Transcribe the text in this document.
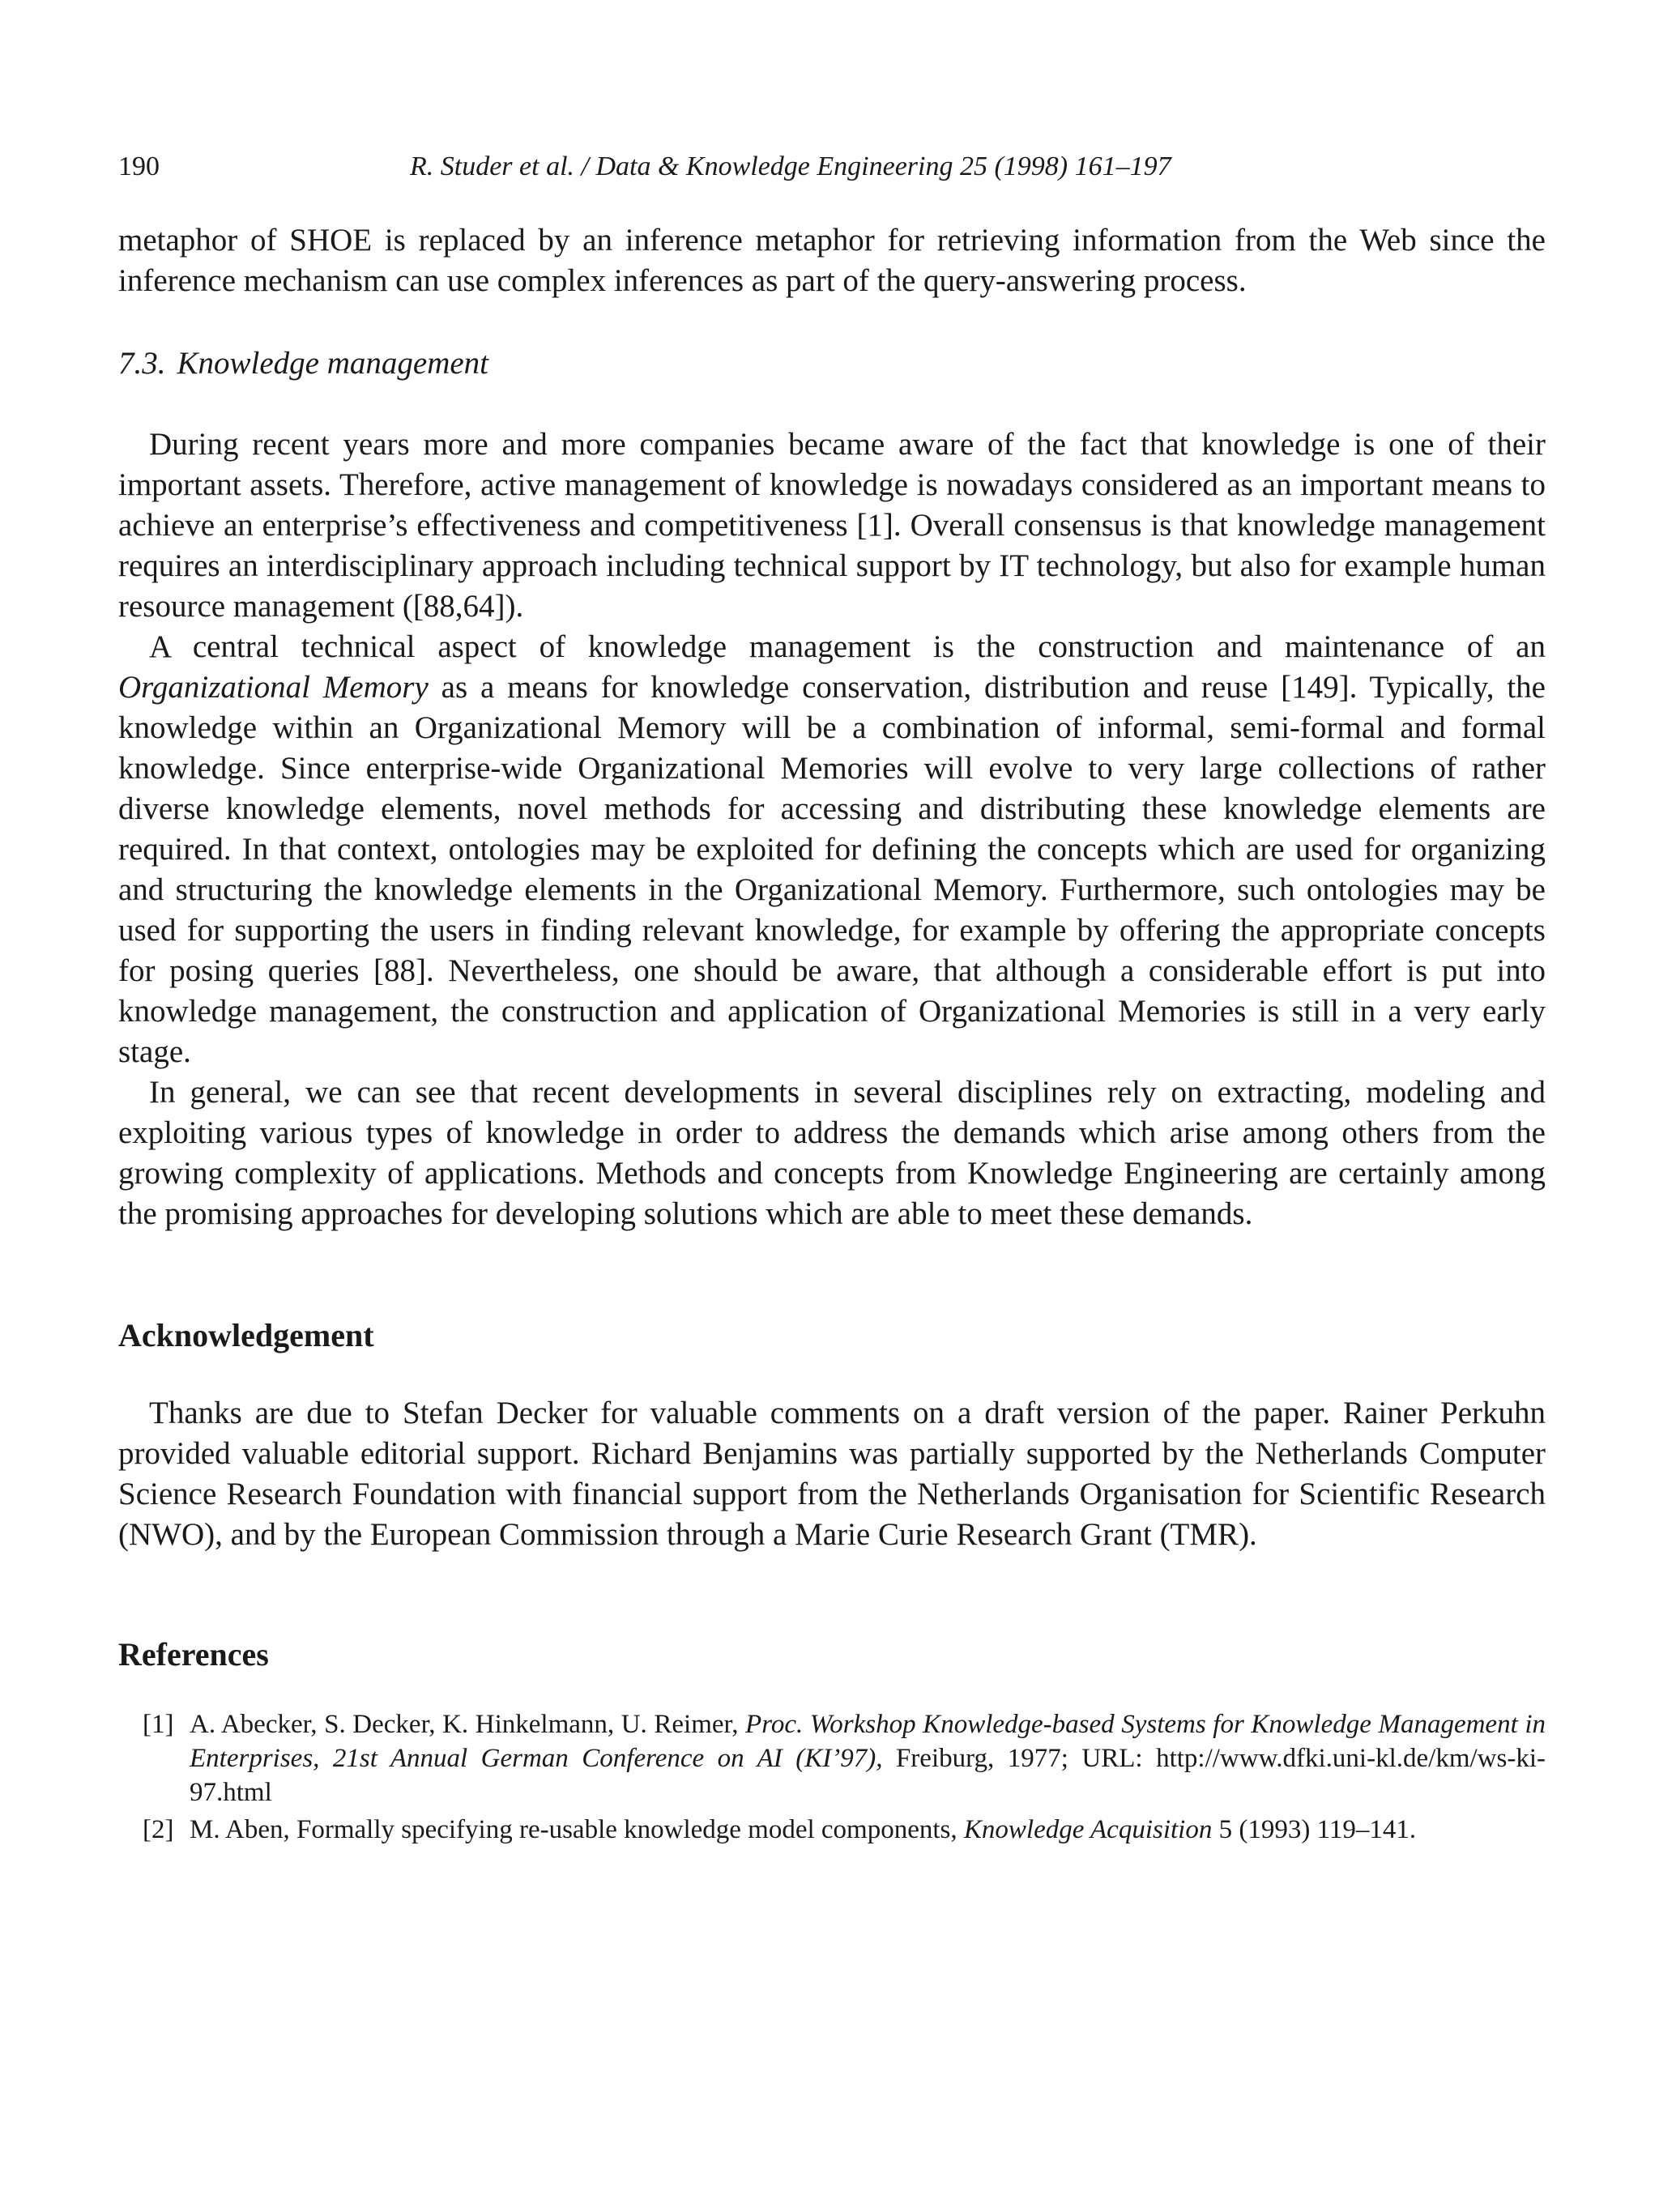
190	R. Studer et al. / Data & Knowledge Engineering 25 (1998) 161–197

metaphor of SHOE is replaced by an inference metaphor for retrieving information from the Web since the inference mechanism can use complex inferences as part of the query-answering process.

7.3. Knowledge management

During recent years more and more companies became aware of the fact that knowledge is one of their important assets. Therefore, active management of knowledge is nowadays considered as an important means to achieve an enterprise’s effectiveness and competitiveness [1]. Overall consensus is that knowledge management requires an interdisciplinary approach including technical support by IT technology, but also for example human resource management ([88,64]).

A central technical aspect of knowledge management is the construction and maintenance of an Organizational Memory as a means for knowledge conservation, distribution and reuse [149]. Typically, the knowledge within an Organizational Memory will be a combination of informal, semi-formal and formal knowledge. Since enterprise-wide Organizational Memories will evolve to very large collections of rather diverse knowledge elements, novel methods for accessing and distributing these knowledge elements are required. In that context, ontologies may be exploited for defining the concepts which are used for organizing and structuring the knowledge elements in the Organizational Memory. Furthermore, such ontologies may be used for supporting the users in finding relevant knowledge, for example by offering the appropriate concepts for posing queries [88]. Nevertheless, one should be aware, that although a considerable effort is put into knowledge management, the construction and application of Organizational Memories is still in a very early stage.

In general, we can see that recent developments in several disciplines rely on extracting, modeling and exploiting various types of knowledge in order to address the demands which arise among others from the growing complexity of applications. Methods and concepts from Knowledge Engineering are certainly among the promising approaches for developing solutions which are able to meet these demands.

Acknowledgement

Thanks are due to Stefan Decker for valuable comments on a draft version of the paper. Rainer Perkuhn provided valuable editorial support. Richard Benjamins was partially supported by the Netherlands Computer Science Research Foundation with financial support from the Netherlands Organisation for Scientific Research (NWO), and by the European Commission through a Marie Curie Research Grant (TMR).

References
[1] A. Abecker, S. Decker, K. Hinkelmann, U. Reimer, Proc. Workshop Knowledge-based Systems for Knowledge Management in Enterprises, 21st Annual German Conference on AI (KI’97), Freiburg, 1977; URL: http://www.dfki.uni-kl.de/km/ws-ki-97.html
[2] M. Aben, Formally specifying re-usable knowledge model components, Knowledge Acquisition 5 (1993) 119–141.
